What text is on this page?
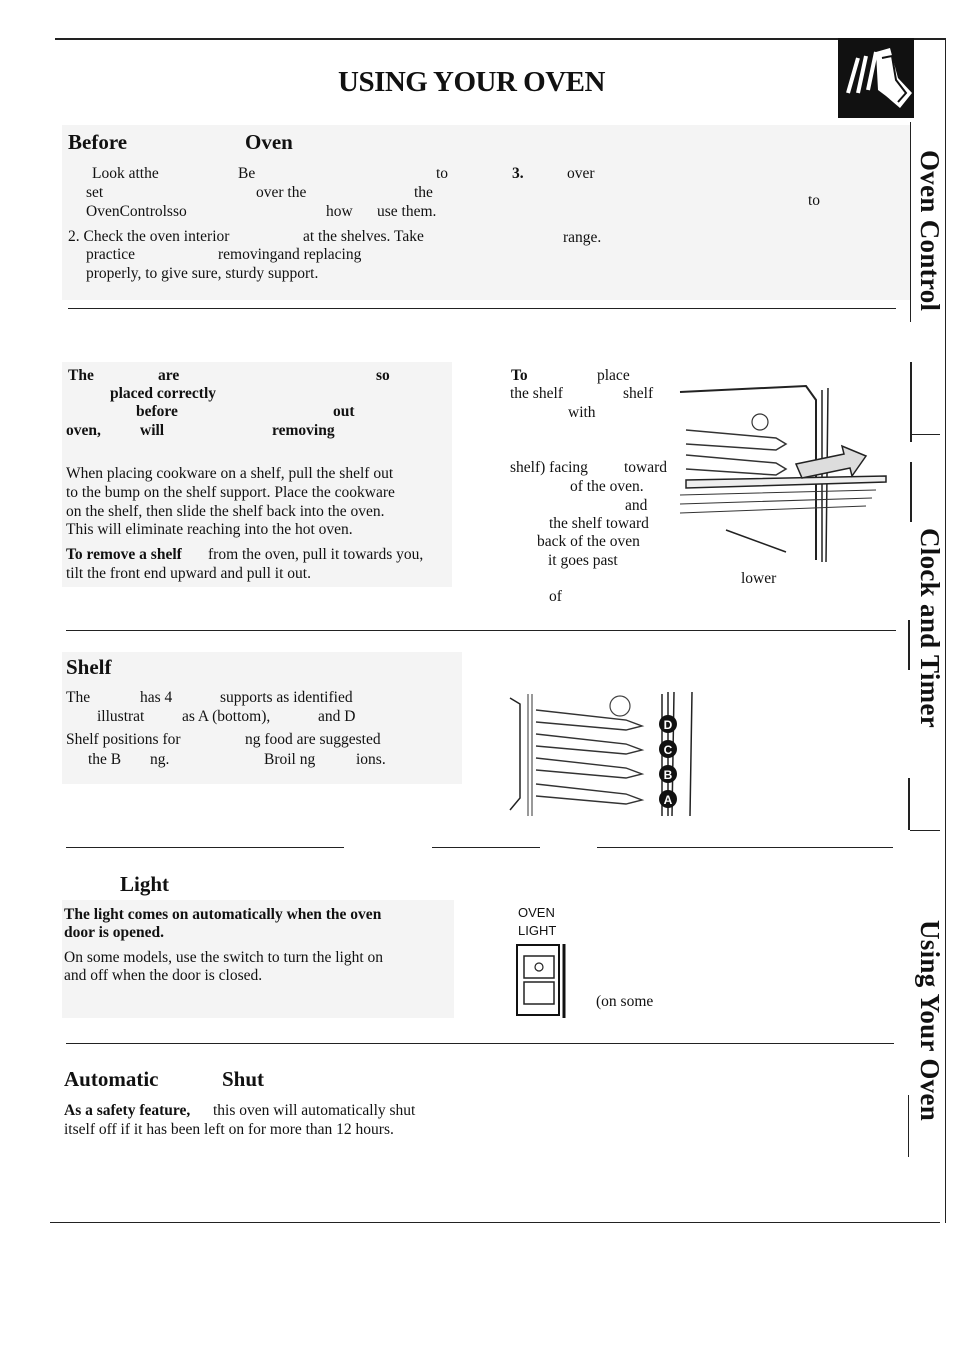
USING YOUR OVEN
Before	Oven
Look atthe	Be	to
set	over the	the
OvenControlsso	how use them.
2. Check the oven interior	at the shelves. Take
practice	removingand replacing
properly, to give sure, sturdy support.
3.	over
to
range.
The	are	so
placed correctly
before	out
oven,	will	removing
When placing cookware on a shelf, pull the shelf out
to the bump on the shelf support. Place the cookware
on the shelf, then slide the shelf back into the oven.
This will eliminate reaching into the hot oven.
To remove a shelf from the oven, pull it towards you,
tilt the front end upward and pull it out.
To	place
the shelf	shelf
with
shelf) facing toward
of the oven.
and
the shelf toward
back of the oven
it goes past
lower
of
Shelf
The	has 4	supports as identified
illustrat as A (bottom),	and D
Shelf positions for	ng food are suggested
the B ng.	Broil ng	ions.
D
C
B
A
Light
The light comes on automatically when the oven
door is opened.
On some models, use the switch to turn the light on
and off when the door is closed.
OVEN
LIGHT
(on some
Automatic	Shut
As a safety feature, this oven will automatically shut
itself off if it has been left on for more than 12 hours.
Oven Control
Clock and Timer
Using Your Oven
